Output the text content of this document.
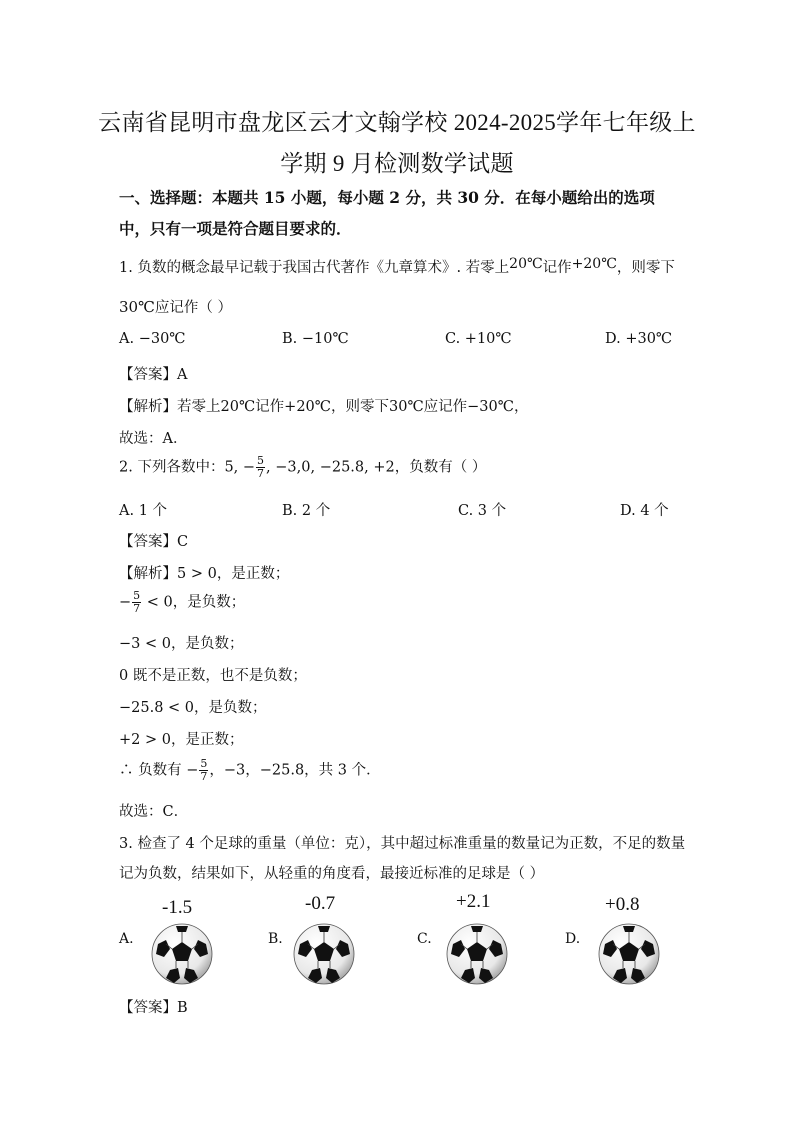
云南省昆明市盘龙区云才文翰学校 2024-2025学年七年级上
学期 9 月检测数学试题
一、选择题：本题共 15 小题，每小题 2 分，共 30 分．在每小题给出的选项
中，只有一项是符合题目要求的．
1. 负数的概念最早记载于我国古代著作《九章算术》. 若零上20℃记作+20℃，则零下
30℃应记作（ ）
A. −30℃	B. −10℃	C. +10℃	D. +30℃
【答案】A
【解析】若零上20℃记作+20℃，则零下30℃应记作−30℃，
故选：A．
2. 下列各数中：5, − $\frac{5}{7}$ , −3,0, −25.8, +2，负数有（ ）
A. 1 个	B. 2 个	C. 3 个	D. 4 个
【答案】C
【解析】5 > 0，是正数；
− $\frac{5}{7} < 0$，是负数；
−3 < 0，是负数；
0 既不是正数，也不是负数；
−25.8 < 0，是负数；
+2 > 0，是正数；
∴ 负数有 − $\frac{5}{7}$ ，−3，−25.8，共 3 个．
故选：C．
3. 检查了 4 个足球的重量（单位：克），其中超过标准重量的数量记为正数，不足的数量
记为负数，结果如下，从轻重的角度看，最接近标准的足球是（ ）
A.
-1.5
B.
-0.7
C.
+2.1
D.
+0.8
【答案】B
